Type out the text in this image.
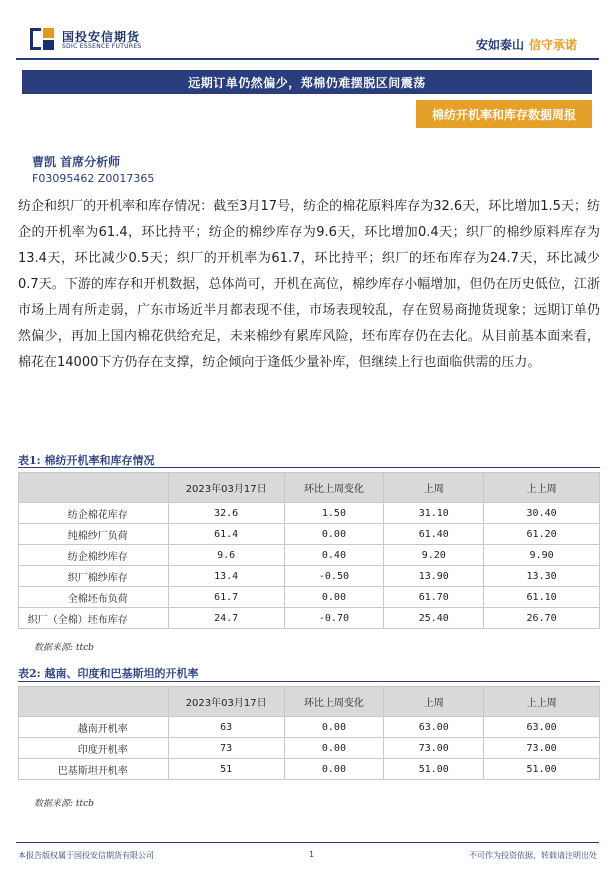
国投安信期货
SDIC ESSENCE FUTURES	安如泰山 信守承诺
远期订单仍然偏少，郑棉仍难摆脱区间震荡
棉纺开机率和库存数据周报
曹凯 首席分析师
F03095462 Z0017365
纺企和织厂的开机率和库存情况：截至3月17号，纺企的棉花原料库存为32.6天，环比增加1.5天；纺企的开机率为61.4，环比持平；纺企的棉纱库存为9.6天，环比增加0.4天；织厂的棉纱原料库存为13.4天，环比减少0.5天；织厂的开机率为61.7，环比持平；织厂的坯布库存为24.7天，环比减少0.7天。下游的库存和开机数据，总体尚可，开机在高位，棉纱库存小幅增加，但仍在历史低位，江浙市场上周有所走弱，广东市场近半月都表现不佳，市场表现较乱，存在贸易商抛货现象；远期订单仍然偏少，再加上国内棉花供给充足，未来棉纱有累库风险，坯布库存仍在去化。从目前基本面来看，棉花在14000下方仍存在支撑，纺企倾向于逢低少量补库，但继续上行也面临供需的压力。
表1: 棉纺开机率和库存情况
	2023年03月17日	环比上周变化	上周	上上周
纺企棉花库存	32.6	1.50	31.10	30.40
纯棉纱厂负荷	61.4	0.00	61.40	61.20
纺企棉纱库存	9.6	0.40	9.20	9.90
织厂棉纱库存	13.4	-0.50	13.90	13.30
全棉坯布负荷	61.7	0.00	61.70	61.10
织厂（全棉）坯布库存	24.7	-0.70	25.40	26.70
数据来源: ttcb
表2: 越南、印度和巴基斯坦的开机率
	2023年03月17日	环比上周变化	上周	上上周
越南开机率	63	0.00	63.00	63.00
印度开机率	73	0.00	73.00	73.00
巴基斯坦开机率	51	0.00	51.00	51.00
数据来源: ttcb
本报告版权属于国投安信期货有限公司	1	不可作为投资依据，转载请注明出处
